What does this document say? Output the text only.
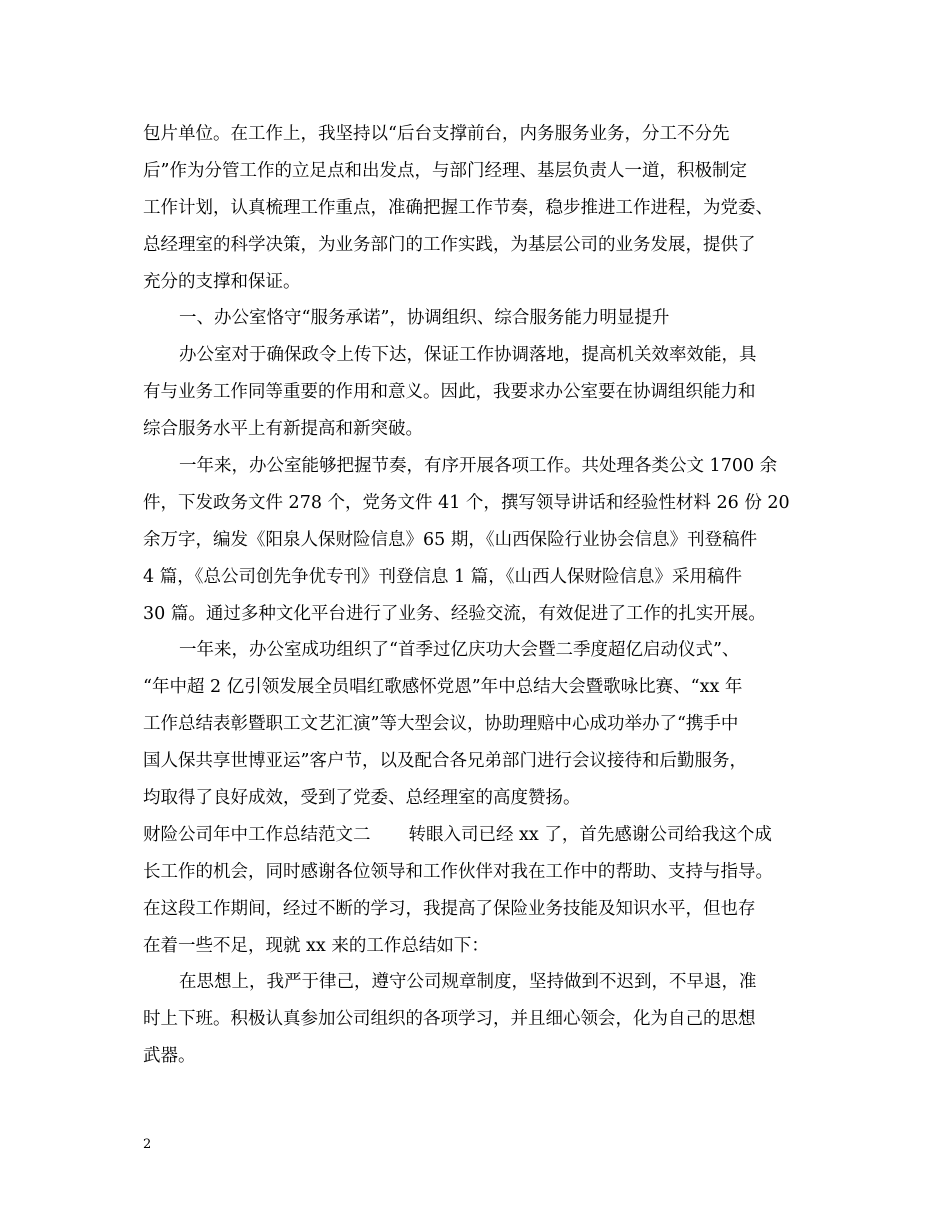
包片单位。在工作上，我坚持以“后台支撑前台，内务服务业务，分工不分先
后”作为分管工作的立足点和出发点，与部门经理、基层负责人一道，积极制定
工作计划，认真梳理工作重点，准确把握工作节奏，稳步推进工作进程，为党委、
总经理室的科学决策，为业务部门的工作实践，为基层公司的业务发展，提供了
充分的支撑和保证。
一、办公室恪守“服务承诺”，协调组织、综合服务能力明显提升
办公室对于确保政令上传下达，保证工作协调落地，提高机关效率效能，具
有与业务工作同等重要的作用和意义。因此，我要求办公室要在协调组织能力和
综合服务水平上有新提高和新突破。
一年来，办公室能够把握节奏，有序开展各项工作。共处理各类公文 1700 余
件，下发政务文件 278 个，党务文件 41 个，撰写领导讲话和经验性材料 26 份 20
余万字，编发《阳泉人保财险信息》65 期，《山西保险行业协会信息》刊登稿件
4 篇，《总公司创先争优专刊》刊登信息 1 篇，《山西人保财险信息》采用稿件
30 篇。通过多种文化平台进行了业务、经验交流，有效促进了工作的扎实开展。
一年来，办公室成功组织了“首季过亿庆功大会暨二季度超亿启动仪式”、
“年中超 2 亿引领发展全员唱红歌感怀党恩”年中总结大会暨歌咏比赛、“xx 年
工作总结表彰暨职工文艺汇演”等大型会议，协助理赔中心成功举办了“携手中
国人保共享世博亚运”客户节，以及配合各兄弟部门进行会议接待和后勤服务，
均取得了良好成效，受到了党委、总经理室的高度赞扬。
财险公司年中工作总结范文二 转眼入司已经 xx 了，首先感谢公司给我这个成
长工作的机会，同时感谢各位领导和工作伙伴对我在工作中的帮助、支持与指导。
在这段工作期间，经过不断的学习，我提高了保险业务技能及知识水平，但也存
在着一些不足，现就 xx 来的工作总结如下：
在思想上，我严于律己，遵守公司规章制度，坚持做到不迟到，不早退，准
时上下班。积极认真参加公司组织的各项学习，并且细心领会，化为自己的思想
武器。
2
